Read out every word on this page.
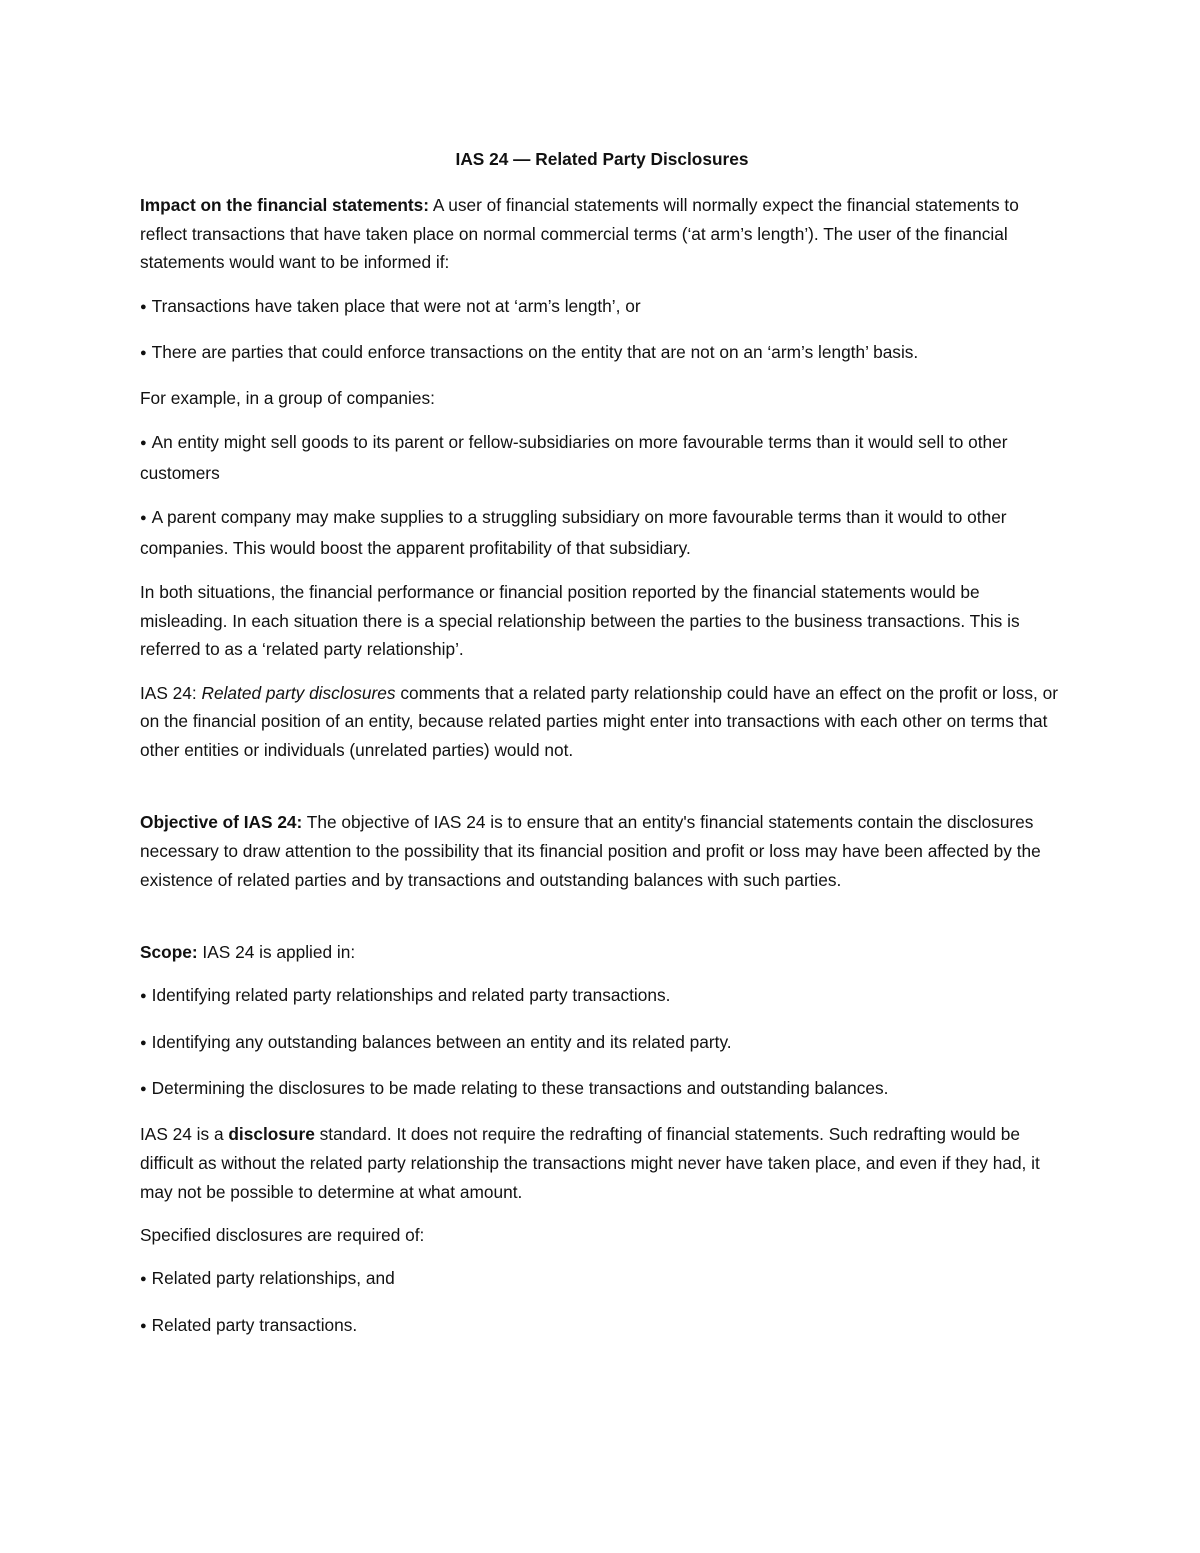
IAS 24 — Related Party Disclosures

Impact on the financial statements: A user of financial statements will normally expect the financial statements to reflect transactions that have taken place on normal commercial terms (‘at arm’s length’). The user of the financial statements would want to be informed if:

● Transactions have taken place that were not at ‘arm’s length’, or

● There are parties that could enforce transactions on the entity that are not on an ‘arm’s length’ basis.

For example, in a group of companies:

● An entity might sell goods to its parent or fellow-subsidiaries on more favourable terms than it would sell to other customers

● A parent company may make supplies to a struggling subsidiary on more favourable terms than it would to other companies. This would boost the apparent profitability of that subsidiary.

In both situations, the financial performance or financial position reported by the financial statements would be misleading. In each situation there is a special relationship between the parties to the business transactions. This is referred to as a ‘related party relationship’.

IAS 24: Related party disclosures comments that a related party relationship could have an effect on the profit or loss, or on the financial position of an entity, because related parties might enter into transactions with each other on terms that other entities or individuals (unrelated parties) would not.

Objective of IAS 24: The objective of IAS 24 is to ensure that an entity's financial statements contain the disclosures necessary to draw attention to the possibility that its financial position and profit or loss may have been affected by the existence of related parties and by transactions and outstanding balances with such parties.

Scope: IAS 24 is applied in:

● Identifying related party relationships and related party transactions.

● Identifying any outstanding balances between an entity and its related party.

● Determining the disclosures to be made relating to these transactions and outstanding balances.

IAS 24 is a disclosure standard. It does not require the redrafting of financial statements. Such redrafting would be difficult as without the related party relationship the transactions might never have taken place, and even if they had, it may not be possible to determine at what amount.

Specified disclosures are required of:

● Related party relationships, and

● Related party transactions.
